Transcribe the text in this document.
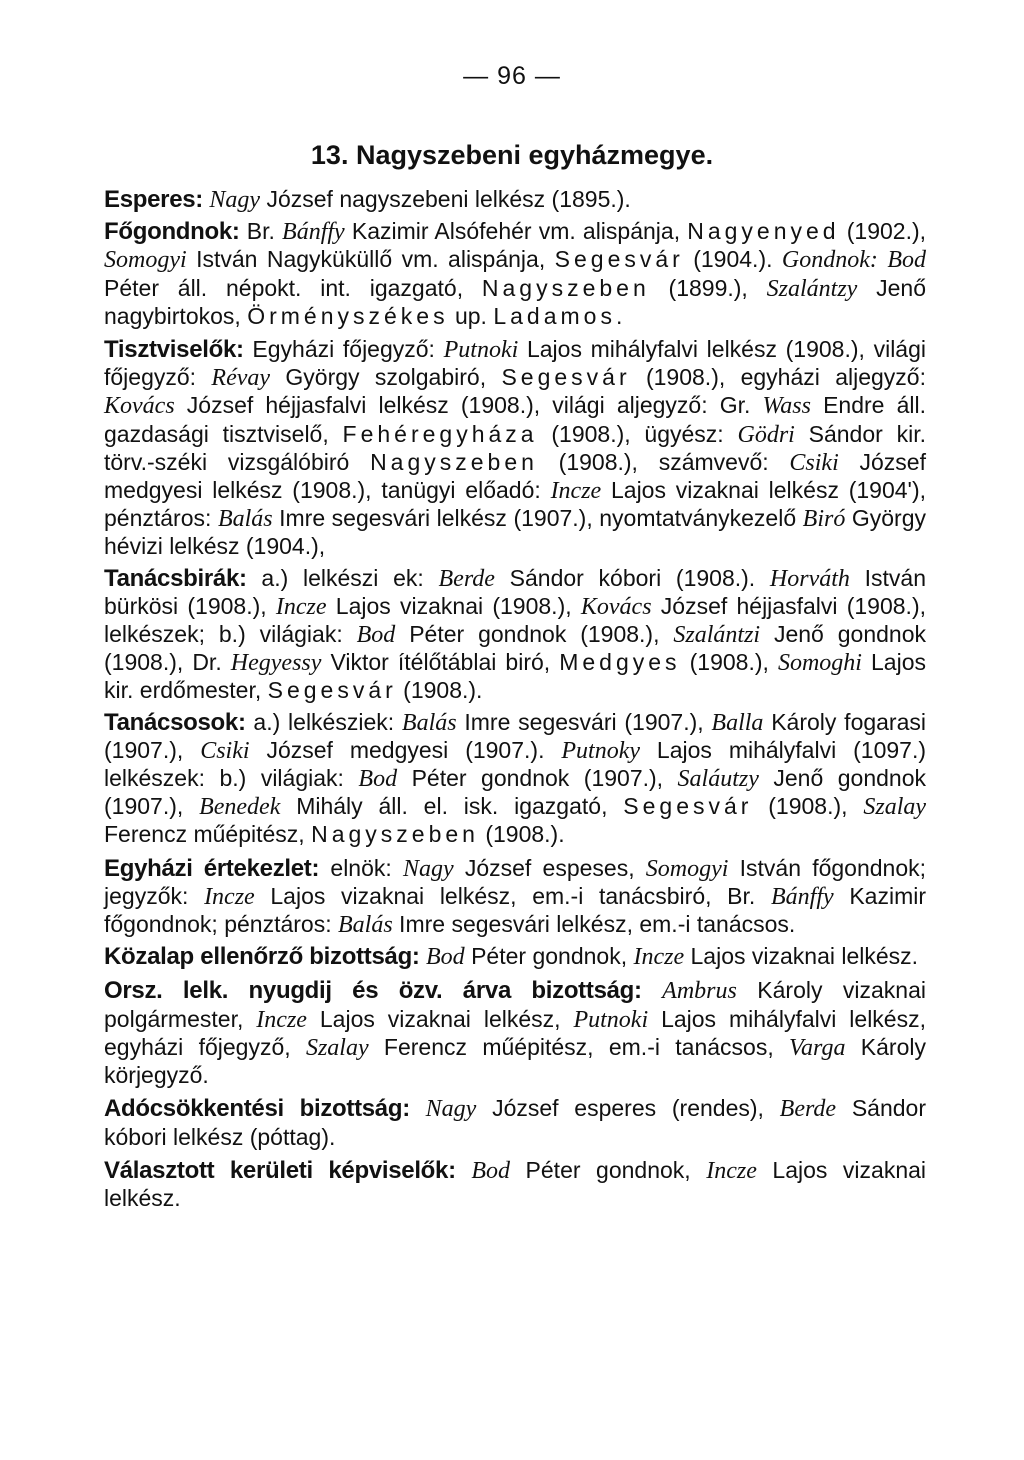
— 96 —
13. Nagyszebeni egyházmegye.

Esperes: Nagy József nagyszebeni lelkész (1895.).

Főgondnok: Br. Bánffy Kazimir Alsófehér vm. alispánja, Nagyenyed (1902.), Somogyi István Nagyküküllő vm. alispánja, Segesvár (1904.). Gondnok: Bod Péter áll. népokt. int. igazgató, Nagyszeben (1899.), Szalántzy Jenő nagybirtokos, Örményszékes up. Ladamos.

Tisztviselők: Egyházi főjegyző: Putnoki Lajos mihályfalvi lelkész (1908.), világi főjegyző: Révay György szolgabiró, Segesvár (1908.), egyházi aljegyző: Kovács József héjjasfalvi lelkész (1908.), világi aljegyző: Gr. Wass Endre áll. gazdasági tisztviselő, Fehéregyháza (1908.), ügyész: Gödri Sándor kir. törv.-széki vizsgálóbiró Nagyszeben (1908.), számvevő: Csiki József medgyesi lelkész (1908.), tanügyi előadó: Incze Lajos vizaknai lelkész (1904'), pénztáros: Balás Imre segesvári lelkész (1907.), nyomtatványkezelő Biró György hévizi lelkész (1904.),

Tanácsbirák: a.) lelkészi ek: Berde Sándor kóbori (1908.). Horváth István bürkösi (1908.), Incze Lajos vizaknai (1908.), Kovács József héjjasfalvi (1908.), lelkészek; b.) világiak: Bod Péter gondnok (1908.), Szalántzi Jenő gondnok (1908.), Dr. Hegyessy Viktor ítélőtáblai biró, Medgyes (1908.), Somoghi Lajos kir. erdőmester, Segesvár (1908.).

Tanácsosok: a.) lelkésziek: Balás Imre segesvári (1907.), Balla Károly fogarasi (1907.), Csiki József medgyesi (1907.). Putnoky Lajos mihályfalvi (1097.) lelkészek: b.) világiak: Bod Péter gondnok (1907.), Saláutzy Jenő gondnok (1907.), Benedek Mihály áll. el. isk. igazgató, Segesvár (1908.), Szalay Ferencz műépitész, Nagyszeben (1908.).

Egyházi értekezlet: elnök: Nagy József espeses, Somogyi István főgondnok; jegyzők: Incze Lajos vizaknai lelkész, em.-i tanácsbiró, Br. Bánffy Kazimir főgondnok; pénztáros: Balás Imre segesvári lelkész, em.-i tanácsos.

Közalap ellenőrző bizottság: Bod Péter gondnok, Incze Lajos vizaknai lelkész.

Orsz. lelk. nyugdij és özv. árva bizottság: Ambrus Károly vizaknai polgármester, Incze Lajos vizaknai lelkész, Putnoki Lajos mihályfalvi lelkész, egyházi főjegyző, Szalay Ferencz műépitész, em.-i tanácsos, Varga Károly körjegyző.

Adócsökkentési bizottság: Nagy József esperes (rendes), Berde Sándor kóbori lelkész (póttag).

Választott kerületi képviselők: Bod Péter gondnok, Incze Lajos vizaknai lelkész.
